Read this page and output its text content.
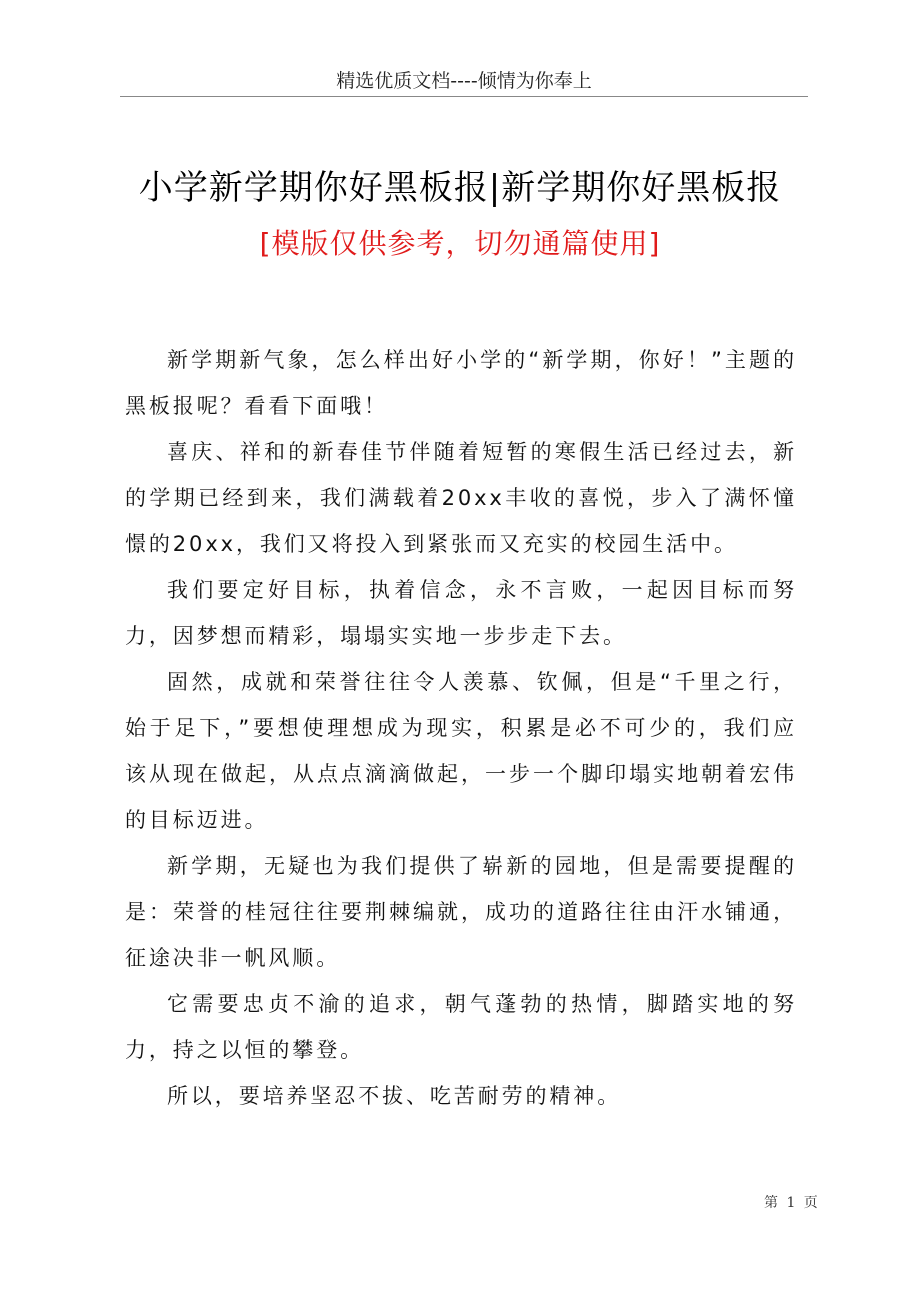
精选优质文档----倾情为你奉上
小学新学期你好黑板报|新学期你好黑板报
[模版仅供参考，切勿通篇使用]

新学期新气象，怎么样出好小学的“新学期，你好！”主题的黑板报呢？看看下面哦！

喜庆、祥和的新春佳节伴随着短暂的寒假生活已经过去，新的学期已经到来，我们满载着20xx丰收的喜悦，步入了满怀憧憬的20xx，我们又将投入到紧张而又充实的校园生活中。

我们要定好目标，执着信念，永不言败，一起因目标而努力，因梦想而精彩，塌塌实实地一步步走下去。

固然，成就和荣誉往往令人羡慕、钦佩，但是“千里之行，始于足下，”要想使理想成为现实，积累是必不可少的，我们应该从现在做起，从点点滴滴做起，一步一个脚印塌实地朝着宏伟的目标迈进。

新学期，无疑也为我们提供了崭新的园地，但是需要提醒的是：荣誉的桂冠往往要荆棘编就，成功的道路往往由汗水铺通，征途决非一帆风顺。

它需要忠贞不渝的追求，朝气蓬勃的热情，脚踏实地的努力，持之以恒的攀登。

所以，要培养坚忍不拔、吃苦耐劳的精神。

第 1 页
